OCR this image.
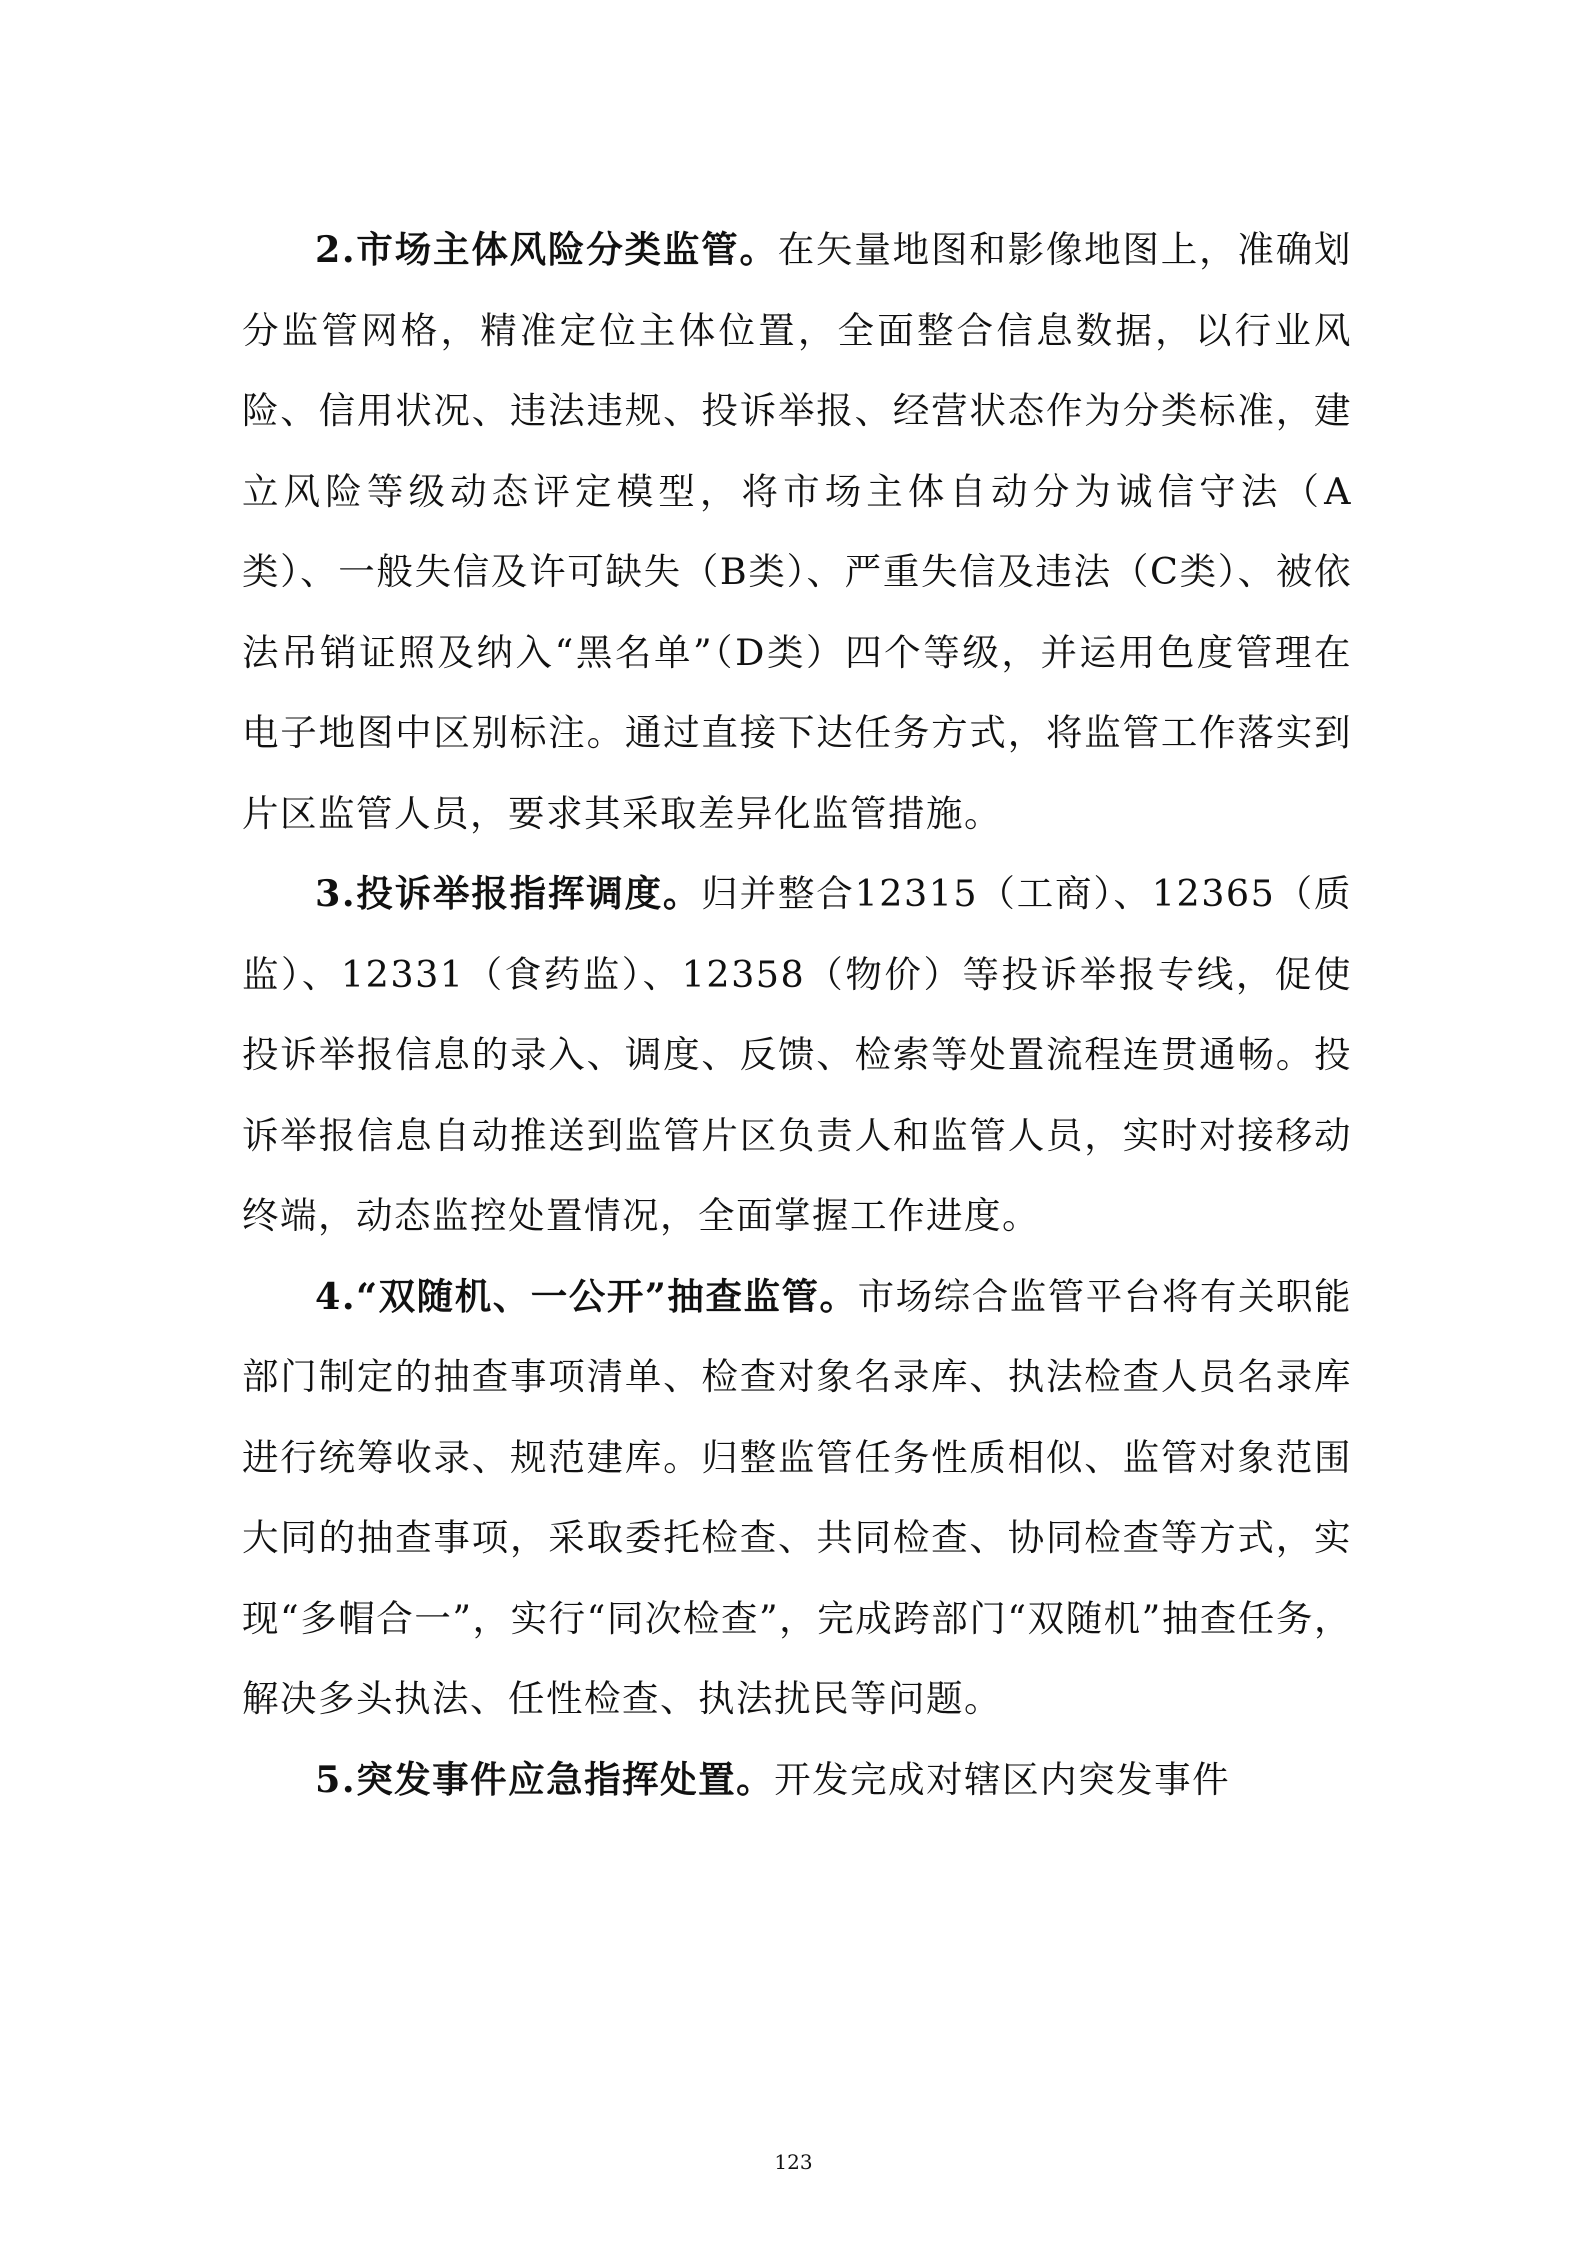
2.市场主体风险分类监管。在矢量地图和影像地图上，准确划分监管网格，精准定位主体位置，全面整合信息数据，以行业风险、信用状况、违法违规、投诉举报、经营状态作为分类标准，建立风险等级动态评定模型，将市场主体自动分为诚信守法（A类）、一般失信及许可缺失（B类）、严重失信及违法（C类）、被依法吊销证照及纳入“黑名单”（D类）四个等级，并运用色度管理在电子地图中区别标注。通过直接下达任务方式，将监管工作落实到片区监管人员，要求其采取差异化监管措施。

3.投诉举报指挥调度。归并整合12315（工商）、12365（质监）、12331（食药监）、12358（物价）等投诉举报专线，促使投诉举报信息的录入、调度、反馈、检索等处置流程连贯通畅。投诉举报信息自动推送到监管片区负责人和监管人员，实时对接移动终端，动态监控处置情况，全面掌握工作进度。

4.“双随机、一公开”抽查监管。市场综合监管平台将有关职能部门制定的抽查事项清单、检查对象名录库、执法检查人员名录库进行统筹收录、规范建库。归整监管任务性质相似、监管对象范围大同的抽查事项，采取委托检查、共同检查、协同检查等方式，实现“多帽合一”，实行“同次检查”，完成跨部门“双随机”抽查任务，解决多头执法、任性检查、执法扰民等问题。

5.突发事件应急指挥处置。开发完成对辖区内突发事件

123
